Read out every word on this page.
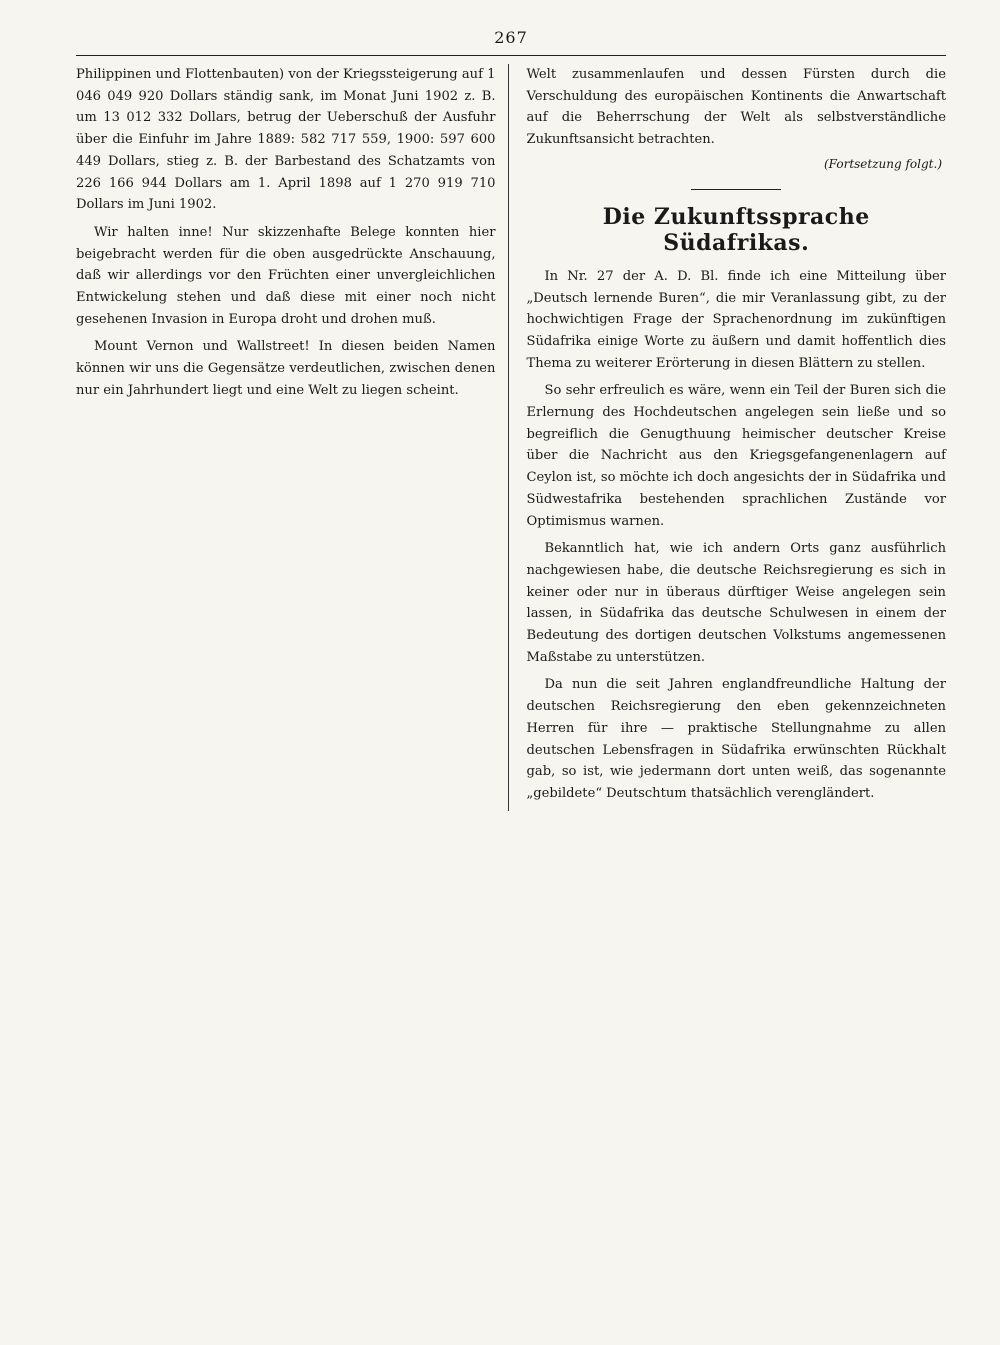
267

Philippinen und Flottenbauten) von der Kriegssteigerung auf 1 046 049 920 Dollars ständig sank, im Monat Juni 1902 z. B. um 13 012 332 Dollars, betrug der Ueberschuß der Ausfuhr über die Einfuhr im Jahre 1889: 582 717 559, 1900: 597 600 449 Dollars, stieg z. B. der Barbestand des Schatzamts von 226 166 944 Dollars am 1. April 1898 auf 1 270 919 710 Dollars im Juni 1902.

Wir halten inne! Nur skizzenhafte Belege konnten hier beigebracht werden für die oben ausgedrückte Anschauung, daß wir allerdings vor den Früchten einer unvergleichlichen Entwickelung stehen und daß diese mit einer noch nicht gesehenen Invasion in Europa droht und drohen muß.

Mount Vernon und Wallstreet! In diesen beiden Namen können wir uns die Gegensätze verdeutlichen, zwischen denen nur ein Jahrhundert liegt und eine Welt zu liegen scheint.

Welt zusammenlaufen und dessen Fürsten durch die Verschuldung des europäischen Kontinents die Anwartschaft auf die Beherrschung der Welt als selbstverständliche Zukunftsansicht betrachten.

(Fortsetzung folgt.)
Die Zukunftssprache Südafrikas.

In Nr. 27 der A. D. Bl. finde ich eine Mitteilung über „Deutsch lernende Buren“, die mir Veranlassung gibt, zu der hochwichtigen Frage der Sprachenordnung im zukünftigen Südafrika einige Worte zu äußern und damit hoffentlich dies Thema zu weiterer Erörterung in diesen Blättern zu stellen.

So sehr erfreulich es wäre, wenn ein Teil der Buren sich die Erlernung des Hochdeutschen angelegen sein ließe und so begreiflich die Genugthuung heimischer deutscher Kreise über die Nachricht aus den Kriegsgefangenenlagern auf Ceylon ist, so möchte ich doch angesichts der in Südafrika und Südwestafrika bestehenden sprachlichen Zustände vor Optimismus warnen.

Bekanntlich hat, wie ich andern Orts ganz ausführlich nachgewiesen habe, die deutsche Reichsregierung es sich in keiner oder nur in überaus dürftiger Weise angelegen sein lassen, in Südafrika das deutsche Schulwesen in einem der Bedeutung des dortigen deutschen Volkstums angemessenen Maßstabe zu unterstützen.

Da nun die seit Jahren englandfreundliche Haltung der deutschen Reichsregierung den eben gekennzeichneten Herren für ihre — praktische Stellungnahme zu allen deutschen Lebensfragen in Südafrika erwünschten Rückhalt gab, so ist, wie jedermann dort unten weiß, das sogenannte „gebildete“ Deutschtum thatsächlich verengländert.
